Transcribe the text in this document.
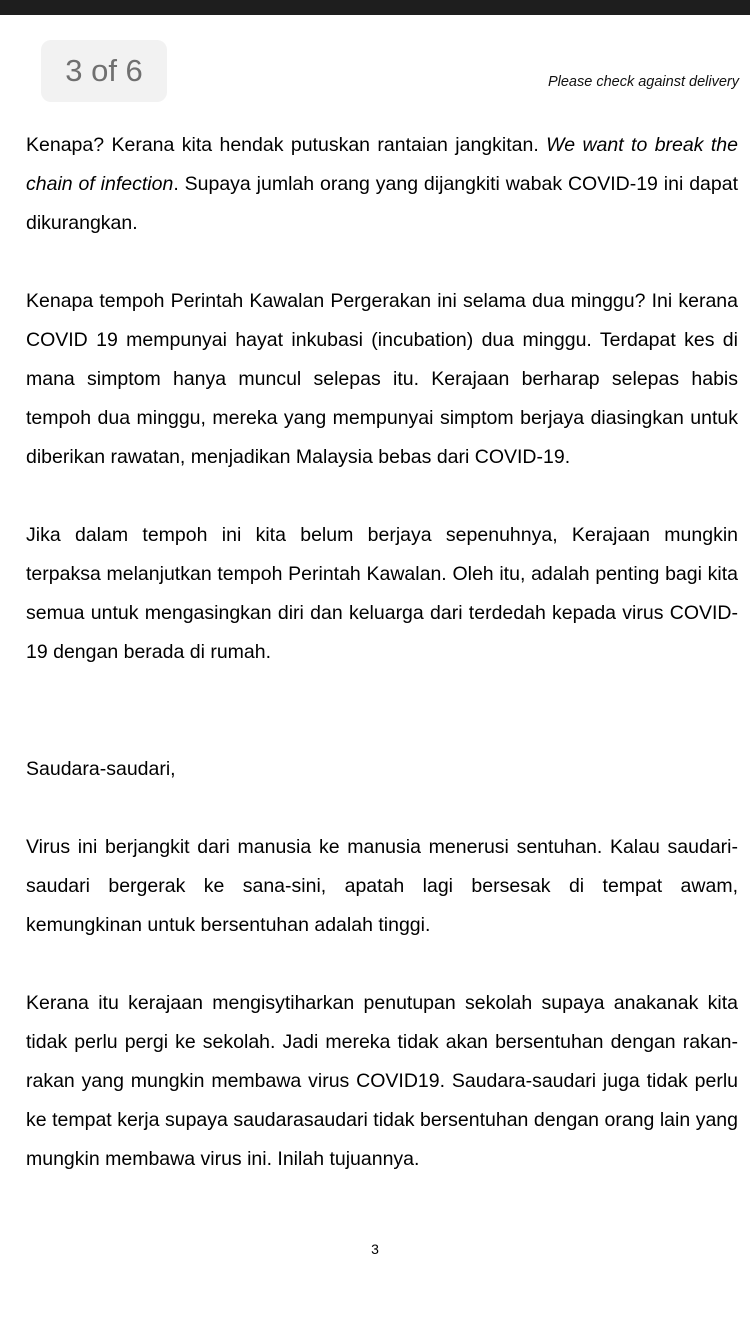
3 of 6	Please check against delivery

Kenapa? Kerana kita hendak putuskan rantaian jangkitan. We want to break the chain of infection. Supaya jumlah orang yang dijangkiti wabak COVID-19 ini dapat dikurangkan.

Kenapa tempoh Perintah Kawalan Pergerakan ini selama dua minggu? Ini kerana COVID 19 mempunyai hayat inkubasi (incubation) dua minggu. Terdapat kes di mana simptom hanya muncul selepas itu. Kerajaan berharap selepas habis tempoh dua minggu, mereka yang mempunyai simptom berjaya diasingkan untuk diberikan rawatan, menjadikan Malaysia bebas dari COVID-19.

Jika dalam tempoh ini kita belum berjaya sepenuhnya, Kerajaan mungkin terpaksa melanjutkan tempoh Perintah Kawalan. Oleh itu, adalah penting bagi kita semua untuk mengasingkan diri dan keluarga dari terdedah kepada virus COVID-19 dengan berada di rumah.

Saudara-saudari,

Virus ini berjangkit dari manusia ke manusia menerusi sentuhan. Kalau saudari-saudari bergerak ke sana-sini, apatah lagi bersesak di tempat awam, kemungkinan untuk bersentuhan adalah tinggi.

Kerana itu kerajaan mengisytiharkan penutupan sekolah supaya anakanak kita tidak perlu pergi ke sekolah. Jadi mereka tidak akan bersentuhan dengan rakan-rakan yang mungkin membawa virus COVID19. Saudara-saudari juga tidak perlu ke tempat kerja supaya saudarasaudari tidak bersentuhan dengan orang lain yang mungkin membawa virus ini. Inilah tujuannya.

3
